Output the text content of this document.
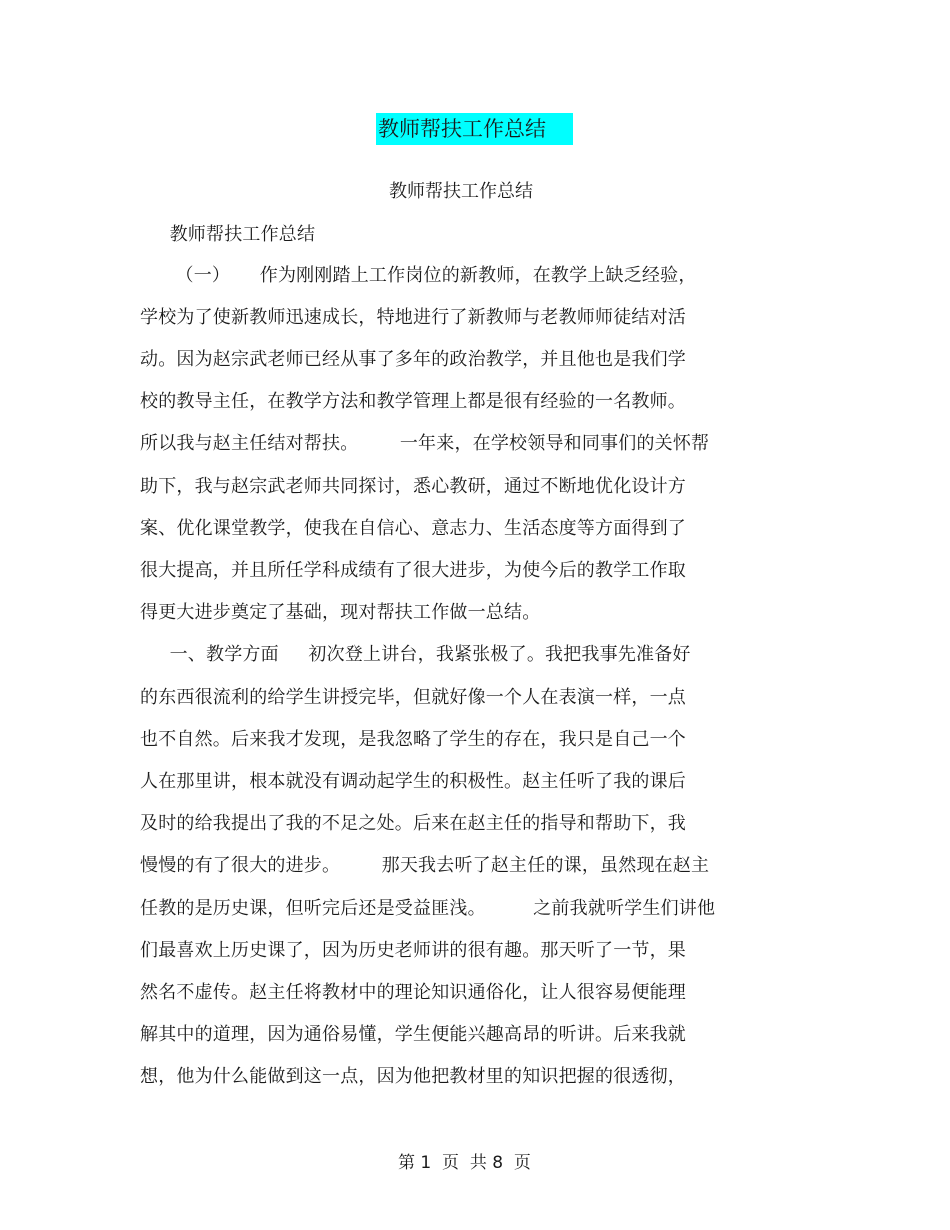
教师帮扶工作总结
教师帮扶工作总结
教师帮扶工作总结
（一）     作为刚刚踏上工作岗位的新教师，在教学上缺乏经验，
学校为了使新教师迅速成长，特地进行了新教师与老教师师徒结对活
动。因为赵宗武老师已经从事了多年的政治教学，并且他也是我们学
校的教导主任，在教学方法和教学管理上都是很有经验的一名教师。
所以我与赵主任结对帮扶。       一年来，在学校领导和同事们的关怀帮
助下，我与赵宗武老师共同探讨，悉心教研，通过不断地优化设计方
案、优化课堂教学，使我在自信心、意志力、生活态度等方面得到了
很大提高，并且所任学科成绩有了很大进步，为使今后的教学工作取
得更大进步奠定了基础，现对帮扶工作做一总结。
一、教学方面     初次登上讲台，我紧张极了。我把我事先准备好
的东西很流利的给学生讲授完毕，但就好像一个人在表演一样，一点
也不自然。后来我才发现，是我忽略了学生的存在，我只是自己一个
人在那里讲，根本就没有调动起学生的积极性。赵主任听了我的课后
及时的给我提出了我的不足之处。后来在赵主任的指导和帮助下，我
慢慢的有了很大的进步。       那天我去听了赵主任的课，虽然现在赵主
任教的是历史课，但听完后还是受益匪浅。        之前我就听学生们讲他
们最喜欢上历史课了，因为历史老师讲的很有趣。那天听了一节，果
然名不虚传。赵主任将教材中的理论知识通俗化，让人很容易便能理
解其中的道理，因为通俗易懂，学生便能兴趣高昂的听讲。后来我就
想，他为什么能做到这一点，因为他把教材里的知识把握的很透彻，
第 1  页  共 8  页
